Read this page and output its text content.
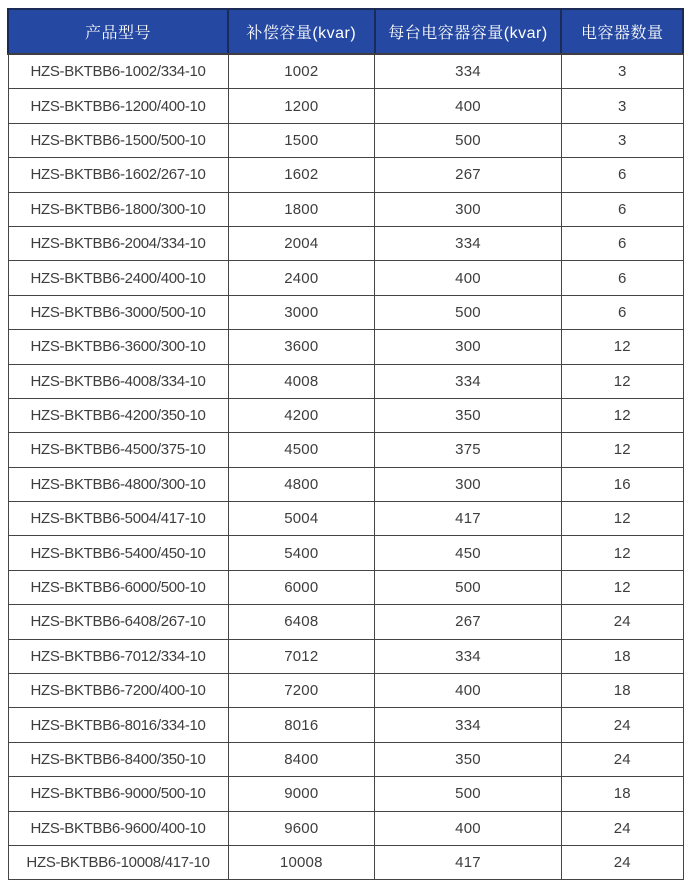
产品型号	补偿容量(kvar)	每台电容器容量(kvar)	电容器数量
HZS-BKTBB6-1002/334-10	1002	334	3
HZS-BKTBB6-1200/400-10	1200	400	3
HZS-BKTBB6-1500/500-10	1500	500	3
HZS-BKTBB6-1602/267-10	1602	267	6
HZS-BKTBB6-1800/300-10	1800	300	6
HZS-BKTBB6-2004/334-10	2004	334	6
HZS-BKTBB6-2400/400-10	2400	400	6
HZS-BKTBB6-3000/500-10	3000	500	6
HZS-BKTBB6-3600/300-10	3600	300	12
HZS-BKTBB6-4008/334-10	4008	334	12
HZS-BKTBB6-4200/350-10	4200	350	12
HZS-BKTBB6-4500/375-10	4500	375	12
HZS-BKTBB6-4800/300-10	4800	300	16
HZS-BKTBB6-5004/417-10	5004	417	12
HZS-BKTBB6-5400/450-10	5400	450	12
HZS-BKTBB6-6000/500-10	6000	500	12
HZS-BKTBB6-6408/267-10	6408	267	24
HZS-BKTBB6-7012/334-10	7012	334	18
HZS-BKTBB6-7200/400-10	7200	400	18
HZS-BKTBB6-8016/334-10	8016	334	24
HZS-BKTBB6-8400/350-10	8400	350	24
HZS-BKTBB6-9000/500-10	9000	500	18
HZS-BKTBB6-9600/400-10	9600	400	24
HZS-BKTBB6-10008/417-10	10008	417	24
